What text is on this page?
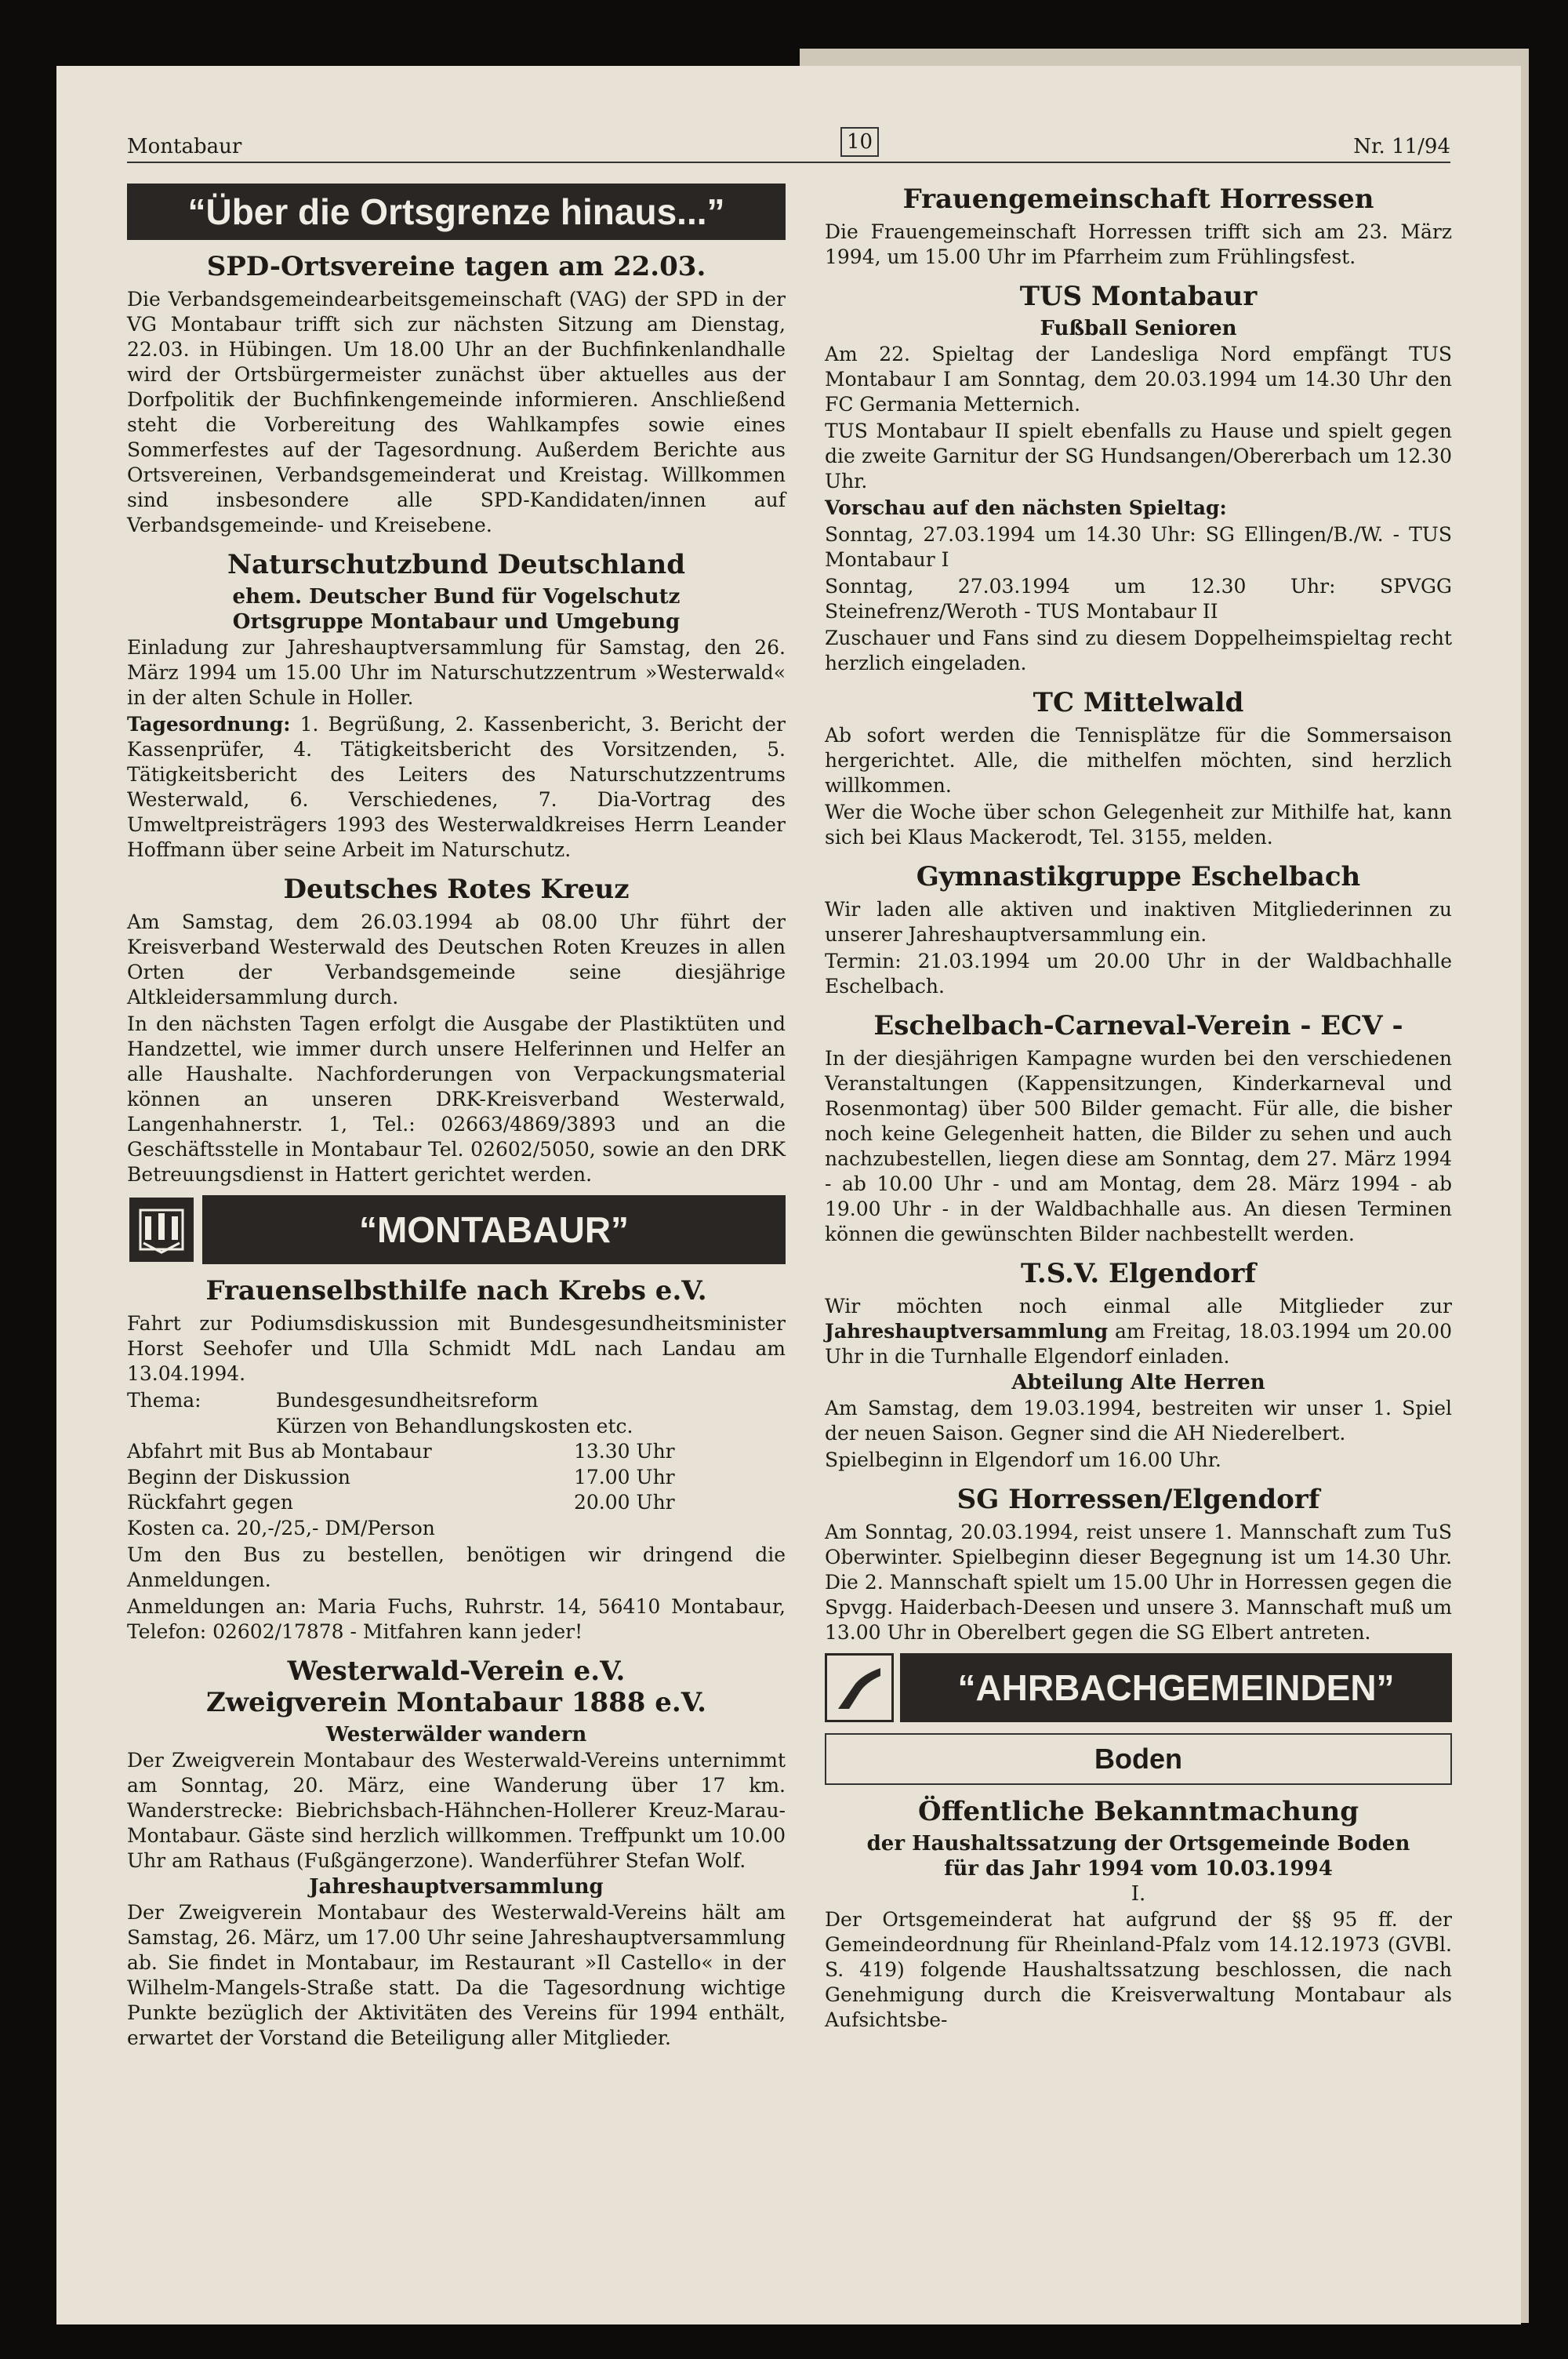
Montabaur	10	Nr. 11/94
“Über die Ortsgrenze hinaus...”
SPD-Ortsvereine tagen am 22.03.

Die Verbandsgemeindearbeitsgemeinschaft (VAG) der SPD in der VG Montabaur trifft sich zur nächsten Sitzung am Dienstag, 22.03. in Hübingen. Um 18.00 Uhr an der Buchfinkenlandhalle wird der Ortsbürgermeister zunächst über aktuelles aus der Dorfpolitik der Buchfinkengemeinde informieren. Anschließend steht die Vorbereitung des Wahlkampfes sowie eines Sommerfestes auf der Tagesordnung. Außerdem Berichte aus Ortsvereinen, Verbandsgemeinderat und Kreistag. Willkommen sind insbesondere alle SPD-Kandidaten/innen auf Verbandsgemeinde- und Kreisebene.

Naturschutzbund Deutschland
ehem. Deutscher Bund für Vogelschutz
Ortsgruppe Montabaur und Umgebung

Einladung zur Jahreshauptversammlung für Samstag, den 26. März 1994 um 15.00 Uhr im Naturschutzzentrum »Westerwald« in der alten Schule in Holler.

Tagesordnung: 1. Begrüßung, 2. Kassenbericht, 3. Bericht der Kassenprüfer, 4. Tätigkeitsbericht des Vorsitzenden, 5. Tätigkeitsbericht des Leiters des Naturschutzzentrums Westerwald, 6. Verschiedenes, 7. Dia-Vortrag des Umweltpreisträgers 1993 des Westerwaldkreises Herrn Leander Hoffmann über seine Arbeit im Naturschutz.

Deutsches Rotes Kreuz

Am Samstag, dem 26.03.1994 ab 08.00 Uhr führt der Kreisverband Westerwald des Deutschen Roten Kreuzes in allen Orten der Verbandsgemeinde seine diesjährige Altkleidersammlung durch.

In den nächsten Tagen erfolgt die Ausgabe der Plastiktüten und Handzettel, wie immer durch unsere Helferinnen und Helfer an alle Haushalte. Nachforderungen von Verpackungsmaterial können an unseren DRK-Kreisverband Westerwald, Langenhahnerstr. 1, Tel.: 02663/4869/3893 und an die Geschäftsstelle in Montabaur Tel. 02602/5050, sowie an den DRK Betreuungsdienst in Hattert gerichtet werden.

“MONTABAUR”
Frauenselbsthilfe nach Krebs e.V.

Fahrt zur Podiumsdiskussion mit Bundesgesundheitsminister Horst Seehofer und Ulla Schmidt MdL nach Landau am 13.04.1994.

Thema:	Bundesgesundheitsreform
Kürzen von Behandlungskosten etc.
Abfahrt mit Bus ab Montabaur	13.30 Uhr
Beginn der Diskussion	17.00 Uhr
Rückfahrt gegen	20.00 Uhr

Kosten ca. 20,-/25,- DM/Person

Um den Bus zu bestellen, benötigen wir dringend die Anmeldungen.

Anmeldungen an: Maria Fuchs, Ruhrstr. 14, 56410 Montabaur, Telefon: 02602/17878 - Mitfahren kann jeder!

Westerwald-Verein e.V.
Zweigverein Montabaur 1888 e.V.
Westerwälder wandern

Der Zweigverein Montabaur des Westerwald-Vereins unternimmt am Sonntag, 20. März, eine Wanderung über 17 km. Wanderstrecke: Biebrichsbach-Hähnchen-Hollerer Kreuz-Marau-Montabaur. Gäste sind herzlich willkommen. Treffpunkt um 10.00 Uhr am Rathaus (Fußgängerzone). Wanderführer Stefan Wolf.

Jahreshauptversammlung

Der Zweigverein Montabaur des Westerwald-Vereins hält am Samstag, 26. März, um 17.00 Uhr seine Jahreshauptversammlung ab. Sie findet in Montabaur, im Restaurant »Il Castello« in der Wilhelm-Mangels-Straße statt. Da die Tagesordnung wichtige Punkte bezüglich der Aktivitäten des Vereins für 1994 enthält, erwartet der Vorstand die Beteiligung aller Mitglieder.

Frauengemeinschaft Horressen

Die Frauengemeinschaft Horressen trifft sich am 23. März 1994, um 15.00 Uhr im Pfarrheim zum Frühlingsfest.

TUS Montabaur
Fußball Senioren

Am 22. Spieltag der Landesliga Nord empfängt TUS Montabaur I am Sonntag, dem 20.03.1994 um 14.30 Uhr den FC Germania Metternich.

TUS Montabaur II spielt ebenfalls zu Hause und spielt gegen die zweite Garnitur der SG Hundsangen/Obererbach um 12.30 Uhr.

Vorschau auf den nächsten Spieltag:

Sonntag, 27.03.1994 um 14.30 Uhr: SG Ellingen/B./W. - TUS Montabaur I

Sonntag, 27.03.1994 um 12.30 Uhr: SPVGG Steinefrenz/Weroth - TUS Montabaur II

Zuschauer und Fans sind zu diesem Doppelheimspieltag recht herzlich eingeladen.

TC Mittelwald

Ab sofort werden die Tennisplätze für die Sommersaison hergerichtet. Alle, die mithelfen möchten, sind herzlich willkommen.

Wer die Woche über schon Gelegenheit zur Mithilfe hat, kann sich bei Klaus Mackerodt, Tel. 3155, melden.

Gymnastikgruppe Eschelbach

Wir laden alle aktiven und inaktiven Mitgliederinnen zu unserer Jahreshauptversammlung ein.

Termin: 21.03.1994 um 20.00 Uhr in der Waldbachhalle Eschelbach.

Eschelbach-Carneval-Verein - ECV -

In der diesjährigen Kampagne wurden bei den verschiedenen Veranstaltungen (Kappensitzungen, Kinderkarneval und Rosenmontag) über 500 Bilder gemacht. Für alle, die bisher noch keine Gelegenheit hatten, die Bilder zu sehen und auch nachzubestellen, liegen diese am Sonntag, dem 27. März 1994 - ab 10.00 Uhr - und am Montag, dem 28. März 1994 - ab 19.00 Uhr - in der Waldbachhalle aus. An diesen Terminen können die gewünschten Bilder nachbestellt werden.

T.S.V. Elgendorf

Wir möchten noch einmal alle Mitglieder zur Jahreshauptversammlung am Freitag, 18.03.1994 um 20.00 Uhr in die Turnhalle Elgendorf einladen.

Abteilung Alte Herren

Am Samstag, dem 19.03.1994, bestreiten wir unser 1. Spiel der neuen Saison. Gegner sind die AH Niederelbert.

Spielbeginn in Elgendorf um 16.00 Uhr.

SG Horressen/Elgendorf

Am Sonntag, 20.03.1994, reist unsere 1. Mannschaft zum TuS Oberwinter. Spielbeginn dieser Begegnung ist um 14.30 Uhr. Die 2. Mannschaft spielt um 15.00 Uhr in Horressen gegen die Spvgg. Haiderbach-Deesen und unsere 3. Mannschaft muß um 13.00 Uhr in Oberelbert gegen die SG Elbert antreten.

“AHRBACHGEMEINDEN”
Boden
Öffentliche Bekanntmachung
der Haushaltssatzung der Ortsgemeinde Boden
für das Jahr 1994 vom 10.03.1994
I.

Der Ortsgemeinderat hat aufgrund der §§ 95 ff. der Gemeindeordnung für Rheinland-Pfalz vom 14.12.1973 (GVBl. S. 419) folgende Haushaltssatzung beschlossen, die nach Genehmigung durch die Kreisverwaltung Montabaur als Aufsichtsbe-
